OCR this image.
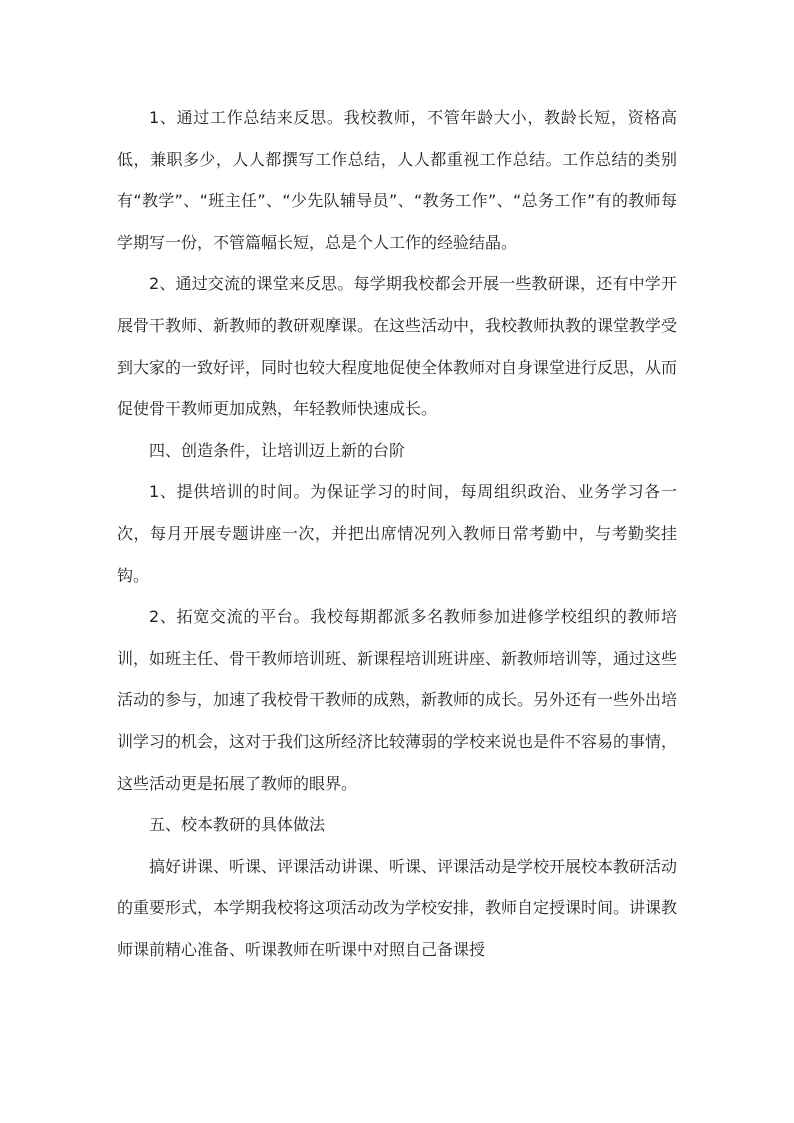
1、通过工作总结来反思。我校教师，不管年龄大小，教龄长短，资格高低，兼职多少，人人都撰写工作总结，人人都重视工作总结。工作总结的类别有“教学”、“班主任”、“少先队辅导员”、“教务工作”、“总务工作”有的教师每学期写一份，不管篇幅长短，总是个人工作的经验结晶。

2、通过交流的课堂来反思。每学期我校都会开展一些教研课，还有中学开展骨干教师、新教师的教研观摩课。在这些活动中，我校教师执教的课堂教学受到大家的一致好评，同时也较大程度地促使全体教师对自身课堂进行反思，从而促使骨干教师更加成熟，年轻教师快速成长。

四、创造条件，让培训迈上新的台阶

1、提供培训的时间。为保证学习的时间，每周组织政治、业务学习各一次，每月开展专题讲座一次，并把出席情况列入教师日常考勤中，与考勤奖挂钩。

2、拓宽交流的平台。我校每期都派多名教师参加进修学校组织的教师培训，如班主任、骨干教师培训班、新课程培训班讲座、新教师培训等，通过这些活动的参与，加速了我校骨干教师的成熟，新教师的成长。另外还有一些外出培训学习的机会，这对于我们这所经济比较薄弱的学校来说也是件不容易的事情，这些活动更是拓展了教师的眼界。

五、校本教研的具体做法

搞好讲课、听课、评课活动讲课、听课、评课活动是学校开展校本教研活动的重要形式，本学期我校将这项活动改为学校安排，教师自定授课时间。讲课教师课前精心准备、听课教师在听课中对照自己备课授
